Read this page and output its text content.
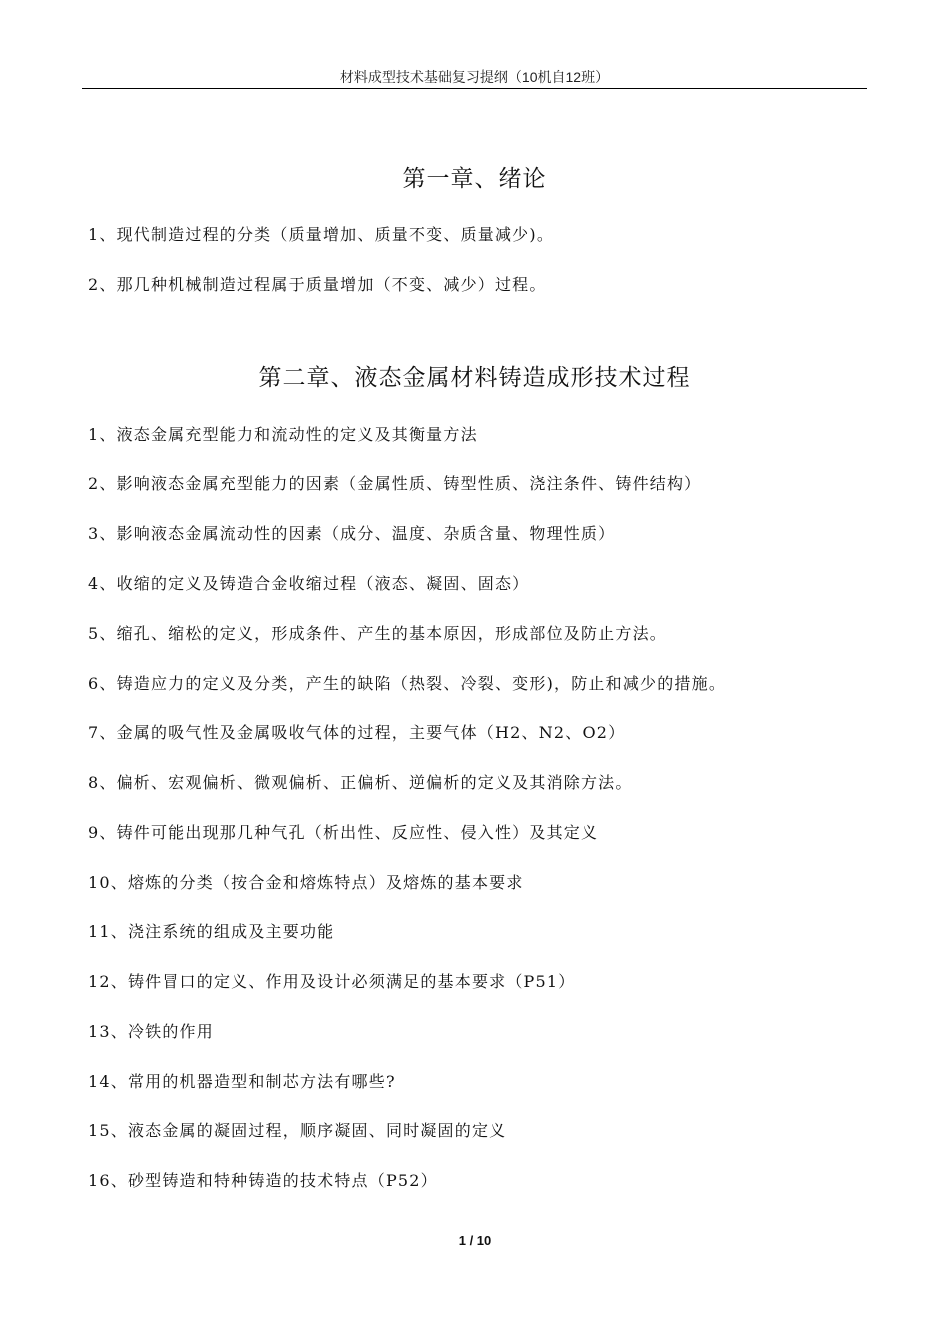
材料成型技术基础复习提纲（10机自12班）
第一章、绪论
1、现代制造过程的分类（质量增加、质量不变、质量减少)。
2、那几种机械制造过程属于质量增加（不变、减少）过程。
第二章、液态金属材料铸造成形技术过程
1、液态金属充型能力和流动性的定义及其衡量方法
2、影响液态金属充型能力的因素（金属性质、铸型性质、浇注条件、铸件结构）
3、影响液态金属流动性的因素（成分、温度、杂质含量、物理性质）
4、收缩的定义及铸造合金收缩过程（液态、凝固、固态）
5、缩孔、缩松的定义，形成条件、产生的基本原因，形成部位及防止方法。
6、铸造应力的定义及分类，产生的缺陷（热裂、冷裂、变形)，防止和减少的措施。
7、金属的吸气性及金属吸收气体的过程，主要气体（H2、N2、O2）
8、偏析、宏观偏析、微观偏析、正偏析、逆偏析的定义及其消除方法。
9、铸件可能出现那几种气孔（析出性、反应性、侵入性）及其定义
10、熔炼的分类（按合金和熔炼特点）及熔炼的基本要求
11、浇注系统的组成及主要功能
12、铸件冒口的定义、作用及设计必须满足的基本要求（P51）
13、冷铁的作用
14、常用的机器造型和制芯方法有哪些?
15、液态金属的凝固过程，顺序凝固、同时凝固的定义
16、砂型铸造和特种铸造的技术特点（P52）
1 / 10
